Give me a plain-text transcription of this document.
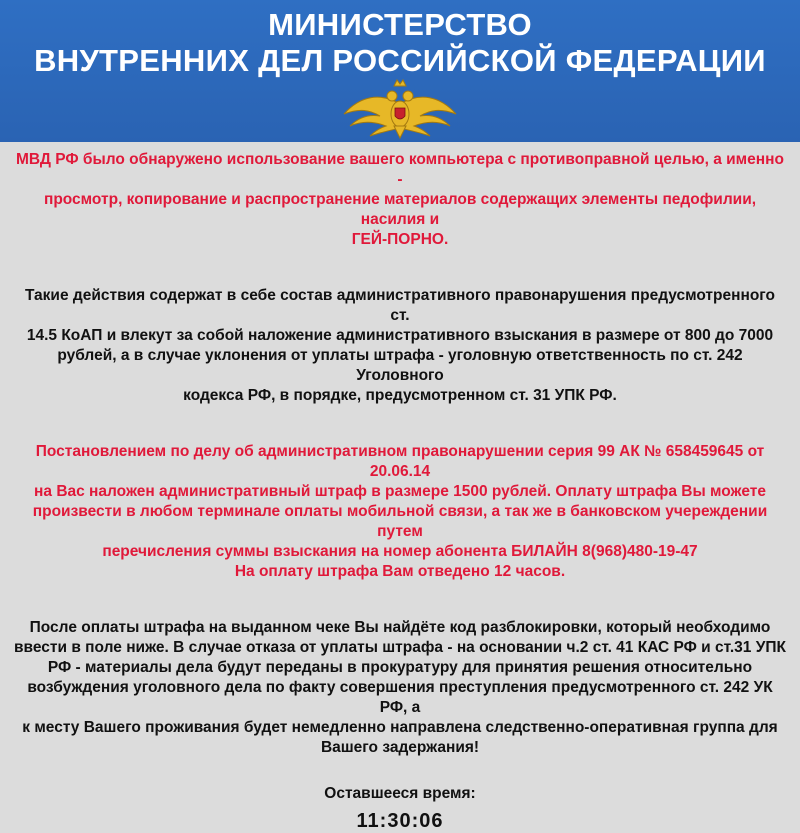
МИНИСТЕРСТВО
ВНУТРЕННИХ ДЕЛ РОССИЙСКОЙ ФЕДЕРАЦИИ

МВД РФ было обнаружено использование вашего компьютера с противоправной целью, а именно -
просмотр, копирование и распространение материалов содержащих элементы педофилии, насилия и
ГЕЙ-ПОРНО.

Такие действия содержат в себе состав административного правонарушения предусмотренного ст.
14.5 КоАП и влекут за собой наложение административного взыскания в размере от 800 до 7000
рублей, а в случае уклонения от уплаты штрафа - уголовную ответственность по ст. 242 Уголовного
кодекса РФ, в порядке, предусмотренном ст. 31 УПК РФ.

Постановлением по делу об административном правонарушении серия 99 АК № 658459645 от 20.06.14
на Вас наложен административный штраф в размере 1500 рублей. Оплату штрафа Вы можете
произвести в любом терминале оплаты мобильной связи, а так же в банковском учереждении путем
перечисления суммы взыскания на номер абонента БИЛАЙН 8(968)480-19-47
На оплату штрафа Вам отведено 12 часов.

После оплаты штрафа на выданном чеке Вы найдёте код разблокировки, который необходимо
ввести в поле ниже. В случае отказа от уплаты штрафа - на основании ч.2 ст. 41 КАС РФ и ст.31 УПК
РФ - материалы дела будут переданы в прокуратуру для принятия решения относительно
возбуждения уголовного дела по факту совершения преступления предусмотренного ст. 242 УК РФ, а
к месту Вашего проживания будет немедленно направлена следственно-оперативная группа для
Вашего задержания!

Оставшееся время:
11:30:06
